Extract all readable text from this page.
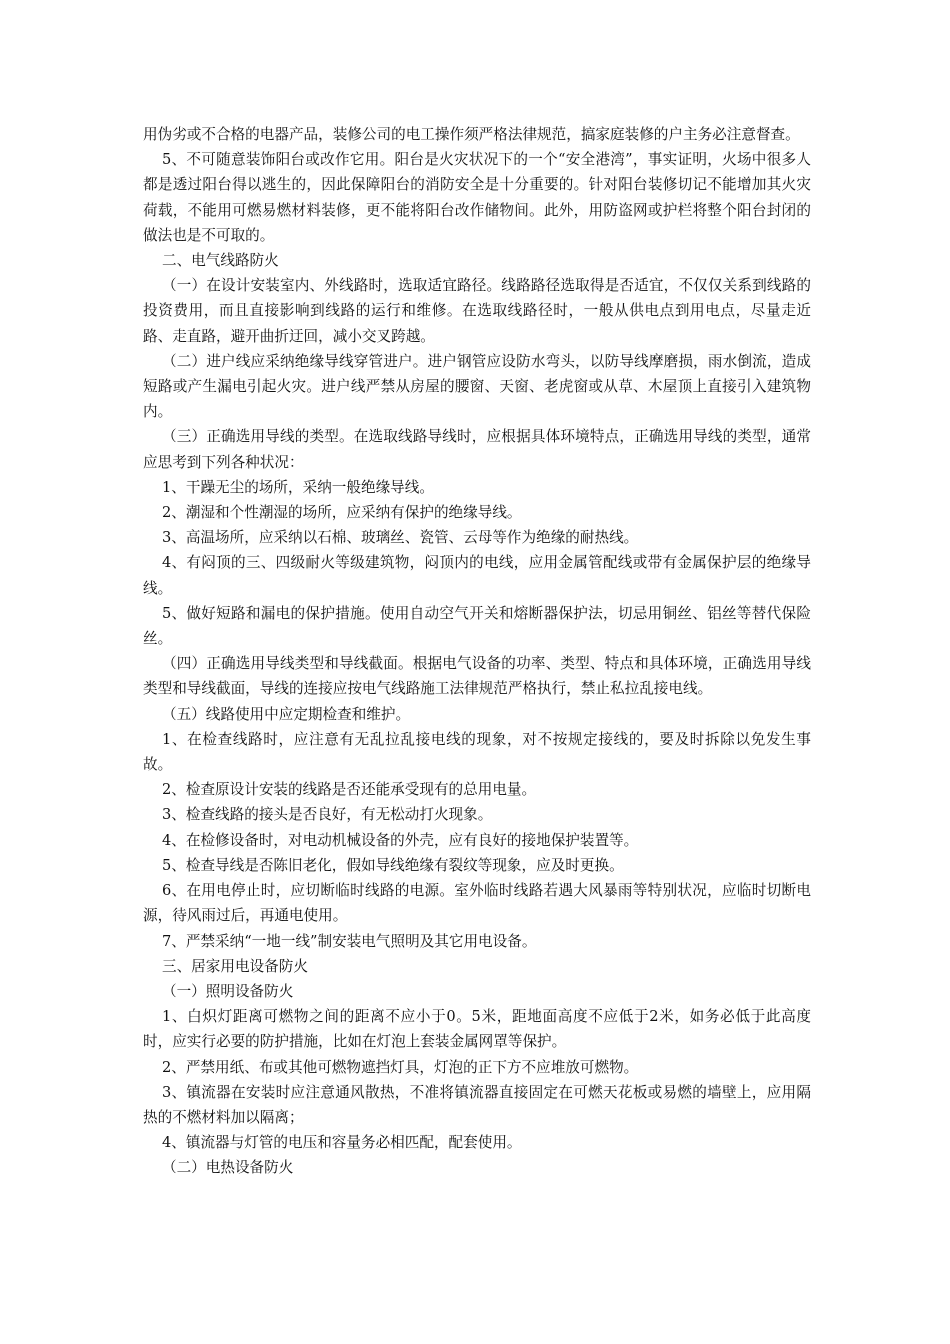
用伪劣或不合格的电器产品，装修公司的电工操作须严格法律规范，搞家庭装修的户主务必注意督查。

5、不可随意装饰阳台或改作它用。阳台是火灾状况下的一个“安全港湾”，事实证明，火场中很多人都是透过阳台得以逃生的，因此保障阳台的消防安全是十分重要的。针对阳台装修切记不能增加其火灾荷载，不能用可燃易燃材料装修，更不能将阳台改作储物间。此外，用防盗网或护栏将整个阳台封闭的做法也是不可取的。

二、电气线路防火

（一）在设计安装室内、外线路时，选取适宜路径。线路路径选取得是否适宜，不仅仅关系到线路的投资费用，而且直接影响到线路的运行和维修。在选取线路径时，一般从供电点到用电点，尽量走近路、走直路，避开曲折迂回，减小交叉跨越。

（二）进户线应采纳绝缘导线穿管进户。进户钢管应设防水弯头，以防导线摩磨损，雨水倒流，造成短路或产生漏电引起火灾。进户线严禁从房屋的腰窗、天窗、老虎窗或从草、木屋顶上直接引入建筑物内。

（三）正确选用导线的类型。在选取线路导线时，应根据具体环境特点，正确选用导线的类型，通常应思考到下列各种状况：

1、干躁无尘的场所，采纳一般绝缘导线。

2、潮湿和个性潮湿的场所，应采纳有保护的绝缘导线。

3、高温场所，应采纳以石棉、玻璃丝、瓷管、云母等作为绝缘的耐热线。

4、有闷顶的三、四级耐火等级建筑物，闷顶内的电线，应用金属管配线或带有金属保护层的绝缘导线。

5、做好短路和漏电的保护措施。使用自动空气开关和熔断器保护法，切忌用铜丝、铝丝等替代保险丝。

（四）正确选用导线类型和导线截面。根据电气设备的功率、类型、特点和具体环境，正确选用导线类型和导线截面，导线的连接应按电气线路施工法律规范严格执行，禁止私拉乱接电线。

（五）线路使用中应定期检查和维护。

1、在检查线路时，应注意有无乱拉乱接电线的现象，对不按规定接线的，要及时拆除以免发生事故。

2、检查原设计安装的线路是否还能承受现有的总用电量。

3、检查线路的接头是否良好，有无松动打火现象。

4、在检修设备时，对电动机械设备的外壳，应有良好的接地保护装置等。

5、检查导线是否陈旧老化，假如导线绝缘有裂纹等现象，应及时更换。

6、在用电停止时，应切断临时线路的电源。室外临时线路若遇大风暴雨等特别状况，应临时切断电源，待风雨过后，再通电使用。

7、严禁采纳“一地一线”制安装电气照明及其它用电设备。

三、居家用电设备防火

（一）照明设备防火

1、白炽灯距离可燃物之间的距离不应小于0。5米，距地面高度不应低于2米，如务必低于此高度时，应实行必要的防护措施，比如在灯泡上套装金属网罩等保护。

2、严禁用纸、布或其他可燃物遮挡灯具，灯泡的正下方不应堆放可燃物。

3、镇流器在安装时应注意通风散热，不准将镇流器直接固定在可燃天花板或易燃的墙壁上，应用隔热的不燃材料加以隔离；

4、镇流器与灯管的电压和容量务必相匹配，配套使用。

（二）电热设备防火
